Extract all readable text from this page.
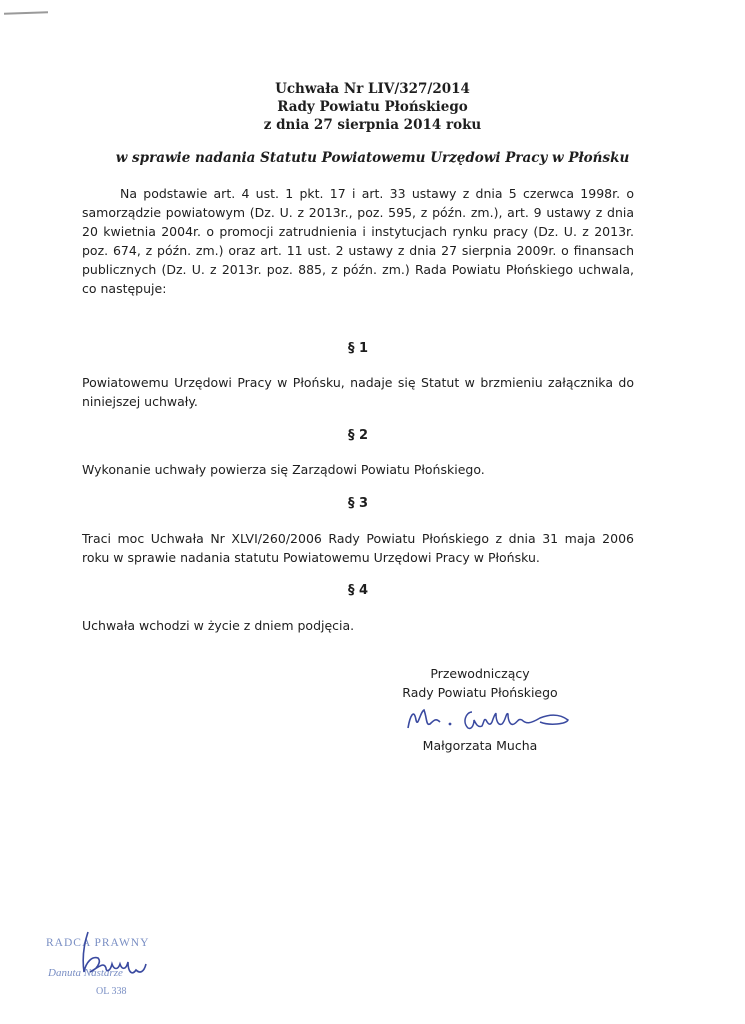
Uchwała Nr LIV/327/2014
Rady Powiatu Płońskiego
z dnia 27 sierpnia 2014 roku
w sprawie nadania Statutu Powiatowemu Urzędowi Pracy w Płońsku
Na podstawie art. 4 ust. 1 pkt. 17 i art. 33 ustawy z dnia 5 czerwca 1998r. o samorządzie powiatowym (Dz. U. z 2013r., poz. 595, z późn. zm.), art. 9 ustawy z dnia 20 kwietnia 2004r. o promocji zatrudnienia i instytucjach rynku pracy (Dz. U. z 2013r. poz. 674, z późn. zm.) oraz art. 11 ust. 2 ustawy z dnia 27 sierpnia 2009r. o finansach publicznych (Dz. U. z 2013r. poz. 885, z późn. zm.) Rada Powiatu Płońskiego uchwala, co następuje:
§ 1
Powiatowemu Urzędowi Pracy w Płońsku, nadaje się Statut w brzmieniu załącznika do niniejszej uchwały.
§ 2
Wykonanie uchwały powierza się Zarządowi Powiatu Płońskiego.
§ 3
Traci moc Uchwała Nr XLVI/260/2006 Rady Powiatu Płońskiego z dnia 31 maja 2006 roku w sprawie nadania statutu Powiatowemu Urzędowi Pracy w Płońsku.
§ 4
Uchwała wchodzi w życie z dniem podjęcia.
Przewodniczący
Rady Powiatu Płońskiego
Małgorzata Mucha
RADCA PRAWNY
Danuta Nastarze
OL 338
